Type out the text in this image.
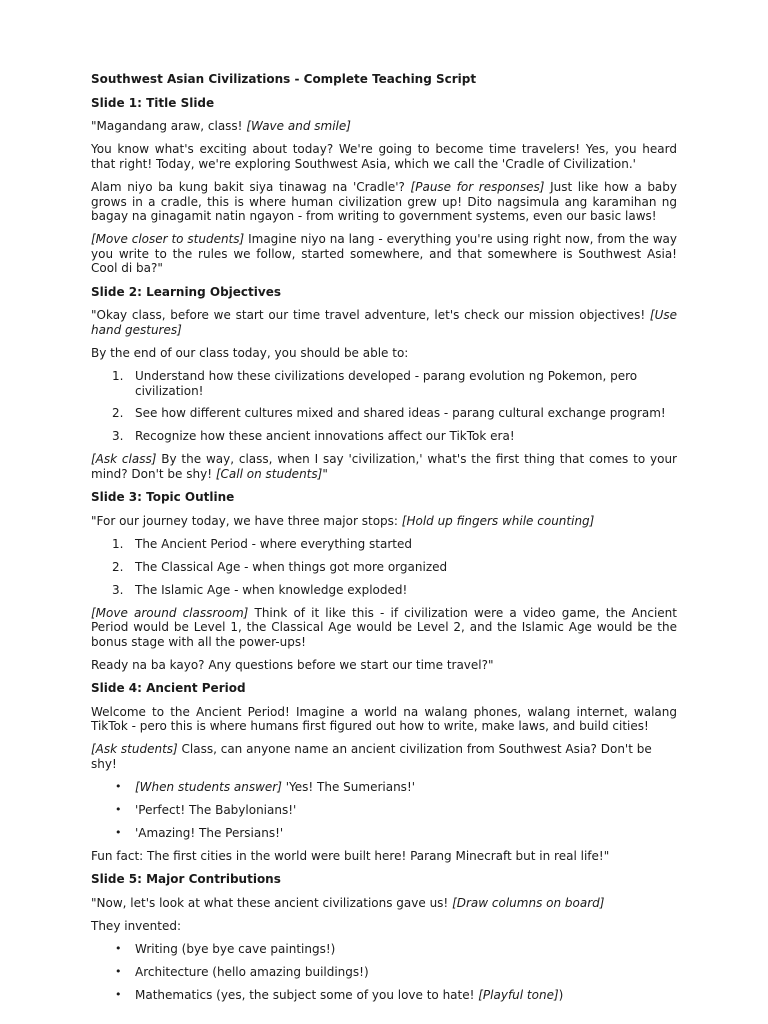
Southwest Asian Civilizations - Complete Teaching Script
Slide 1: Title Slide

"Magandang araw, class! [Wave and smile]

You know what's exciting about today? We're going to become time travelers! Yes, you heard that right! Today, we're exploring Southwest Asia, which we call the 'Cradle of Civilization.'

Alam niyo ba kung bakit siya tinawag na 'Cradle'? [Pause for responses] Just like how a baby grows in a cradle, this is where human civilization grew up! Dito nagsimula ang karamihan ng bagay na ginagamit natin ngayon - from writing to government systems, even our basic laws!

[Move closer to students] Imagine niyo na lang - everything you're using right now, from the way you write to the rules we follow, started somewhere, and that somewhere is Southwest Asia! Cool di ba?"

Slide 2: Learning Objectives

"Okay class, before we start our time travel adventure, let's check our mission objectives! [Use hand gestures]

By the end of our class today, you should be able to:

1. Understand how these civilizations developed - parang evolution ng Pokemon, pero civilization!
2. See how different cultures mixed and shared ideas - parang cultural exchange program!
3. Recognize how these ancient innovations affect our TikTok era!

[Ask class] By the way, class, when I say 'civilization,' what's the first thing that comes to your mind? Don't be shy! [Call on students]"

Slide 3: Topic Outline

"For our journey today, we have three major stops: [Hold up fingers while counting]

1. The Ancient Period - where everything started
2. The Classical Age - when things got more organized
3. The Islamic Age - when knowledge exploded!

[Move around classroom] Think of it like this - if civilization were a video game, the Ancient Period would be Level 1, the Classical Age would be Level 2, and the Islamic Age would be the bonus stage with all the power-ups!

Ready na ba kayo? Any questions before we start our time travel?"

Slide 4: Ancient Period

Welcome to the Ancient Period! Imagine a world na walang phones, walang internet, walang TikTok - pero this is where humans first figured out how to write, make laws, and build cities!

[Ask students] Class, can anyone name an ancient civilization from Southwest Asia? Don't be shy!

• [When students answer] 'Yes! The Sumerians!'
• 'Perfect! The Babylonians!'
• 'Amazing! The Persians!'

Fun fact: The first cities in the world were built here! Parang Minecraft but in real life!"

Slide 5: Major Contributions

"Now, let's look at what these ancient civilizations gave us! [Draw columns on board]

They invented:

• Writing (bye bye cave paintings!)
• Architecture (hello amazing buildings!)
• Mathematics (yes, the subject some of you love to hate! [Playful tone])
